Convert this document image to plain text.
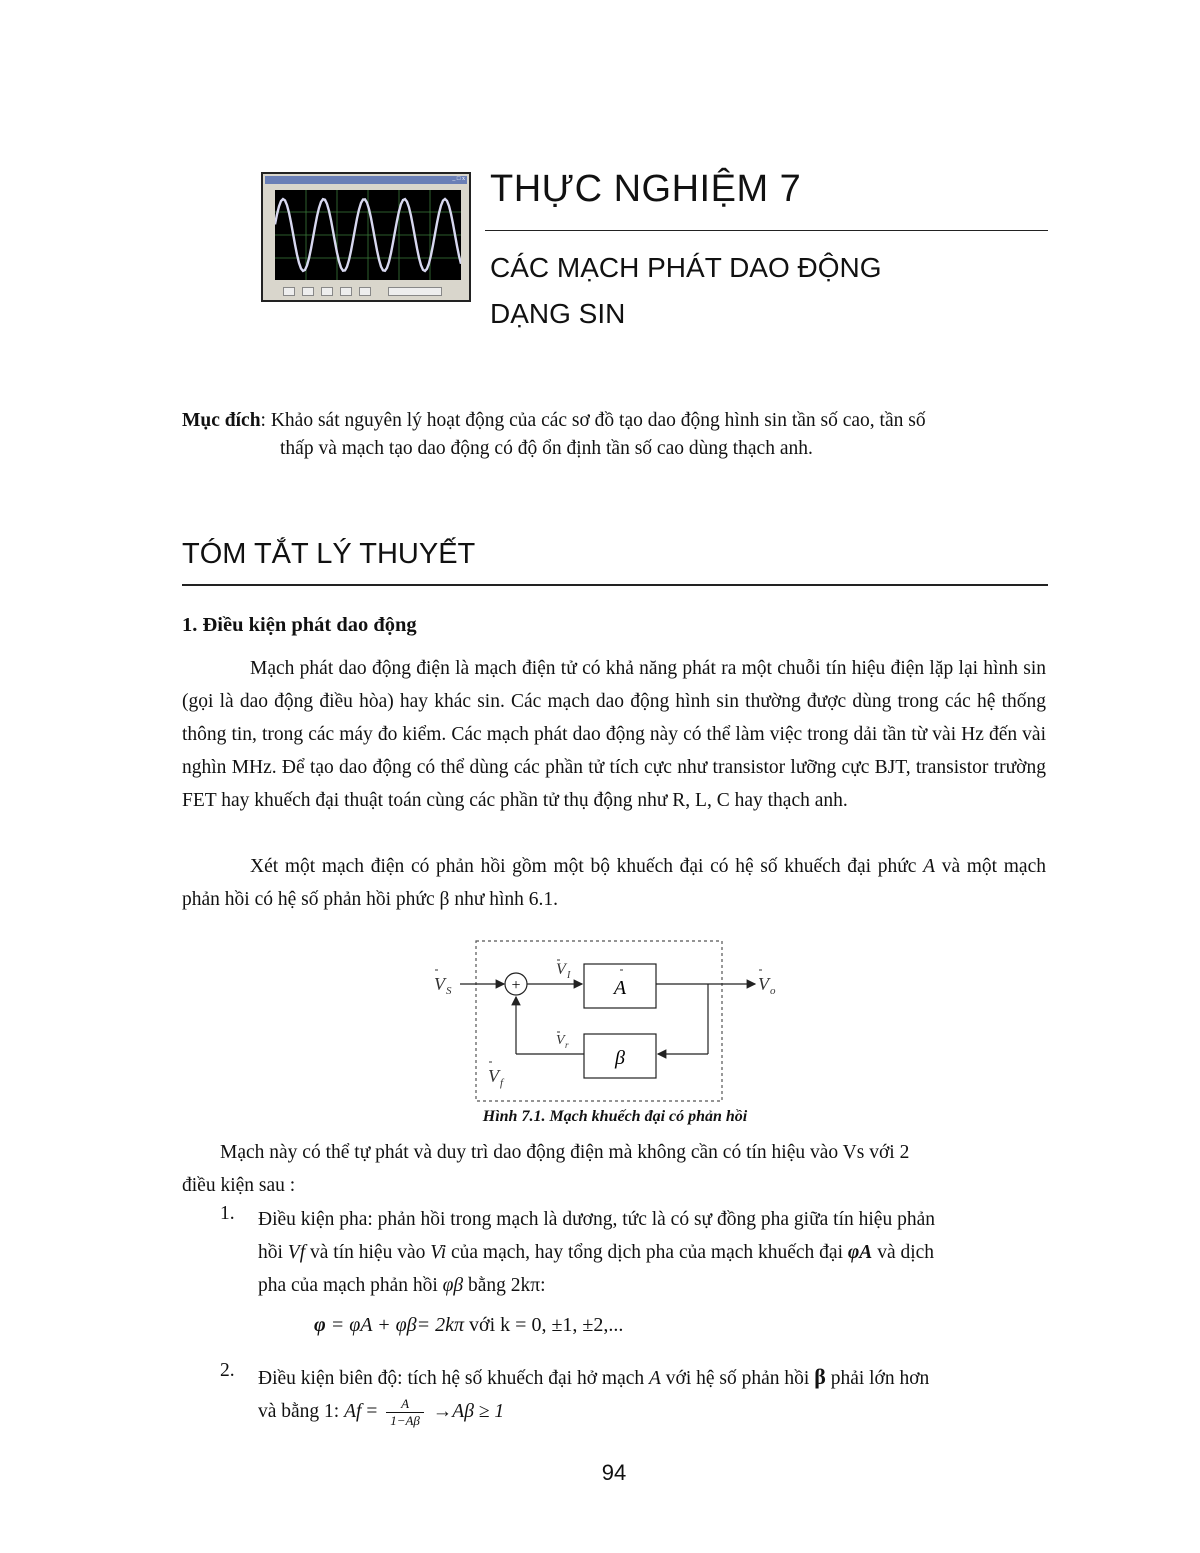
_ □ x THỰC NGHIỆM 7
CÁC MẠCH PHÁT DAO ĐỘNG
DẠNG SIN
Mục đích: Khảo sát nguyên lý hoạt động của các sơ đồ tạo dao động hình sin tần số cao, tần số
thấp và mạch tạo dao động có độ ổn định tần số cao dùng thạch anh.
TÓM TẮT LÝ THUYẾT
1. Điều kiện phát dao động
Mạch phát dao động điện là mạch điện tử có khả năng phát ra một chuỗi tín hiệu điện lặp lại hình sin (gọi là dao động điều hòa) hay khác sin. Các mạch dao động hình sin thường được dùng trong các hệ thống thông tin, trong các máy đo kiểm. Các mạch phát dao động này có thể làm việc trong dải tần từ vài Hz đến vài nghìn MHz. Để tạo dao động có thể dùng các phần tử tích cực như transistor lưỡng cực BJT, transistor trường FET hay khuếch đại thuật toán cùng các phần tử thụ động như R, L, C hay thạch anh.
Xét một mạch điện có phản hồi gồm một bộ khuếch đại có hệ số khuếch đại phức A và một mạch phản hồi có hệ số phản hồi phức β như hình 6.1.
+	A
β
V S
V I	V o
V r
V f
Hình 7.1. Mạch khuếch đại có phản hồi
Mạch này có thể tự phát và duy trì dao động điện mà không cần có tín hiệu vào Vs với 2
điều kiện sau :
1. Điều kiện pha: phản hồi trong mạch là dương, tức là có sự đồng pha giữa tín hiệu phản
hồi Vf và tín hiệu vào Vi của mạch, hay tổng dịch pha của mạch khuếch đại φA và dịch
pha của mạch phản hồi φβ bằng 2kπ:
φ = φA + φβ= 2kπ với k = 0, ±1, ±2,...
2. Điều kiện biên độ: tích hệ số khuếch đại hở mạch A với hệ số phản hồi β phải lớn hơn
và bằng 1: $Af = \frac{A}{1-A\beta} \to A\beta \ge 1$
94
